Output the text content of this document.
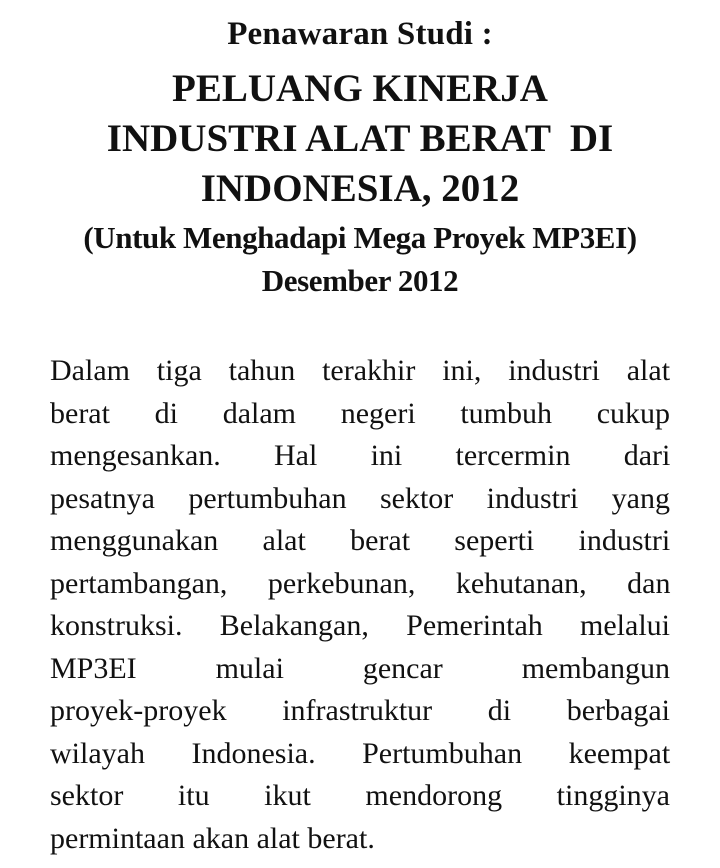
Penawaran Studi :
PELUANG KINERJA
INDUSTRI ALAT BERAT  DI
INDONESIA, 2012
(Untuk Menghadapi Mega Proyek MP3EI)
Desember 2012
Dalam tiga tahun terakhir ini, industri alat
berat di dalam negeri tumbuh cukup
mengesankan. Hal ini tercermin dari
pesatnya pertumbuhan sektor industri yang
menggunakan alat berat seperti industri
pertambangan, perkebunan, kehutanan, dan
konstruksi. Belakangan, Pemerintah melalui
MP3EI mulai gencar membangun
proyek-proyek infrastruktur di berbagai
wilayah Indonesia. Pertumbuhan keempat
sektor itu ikut mendorong tingginya
permintaan akan alat berat.
